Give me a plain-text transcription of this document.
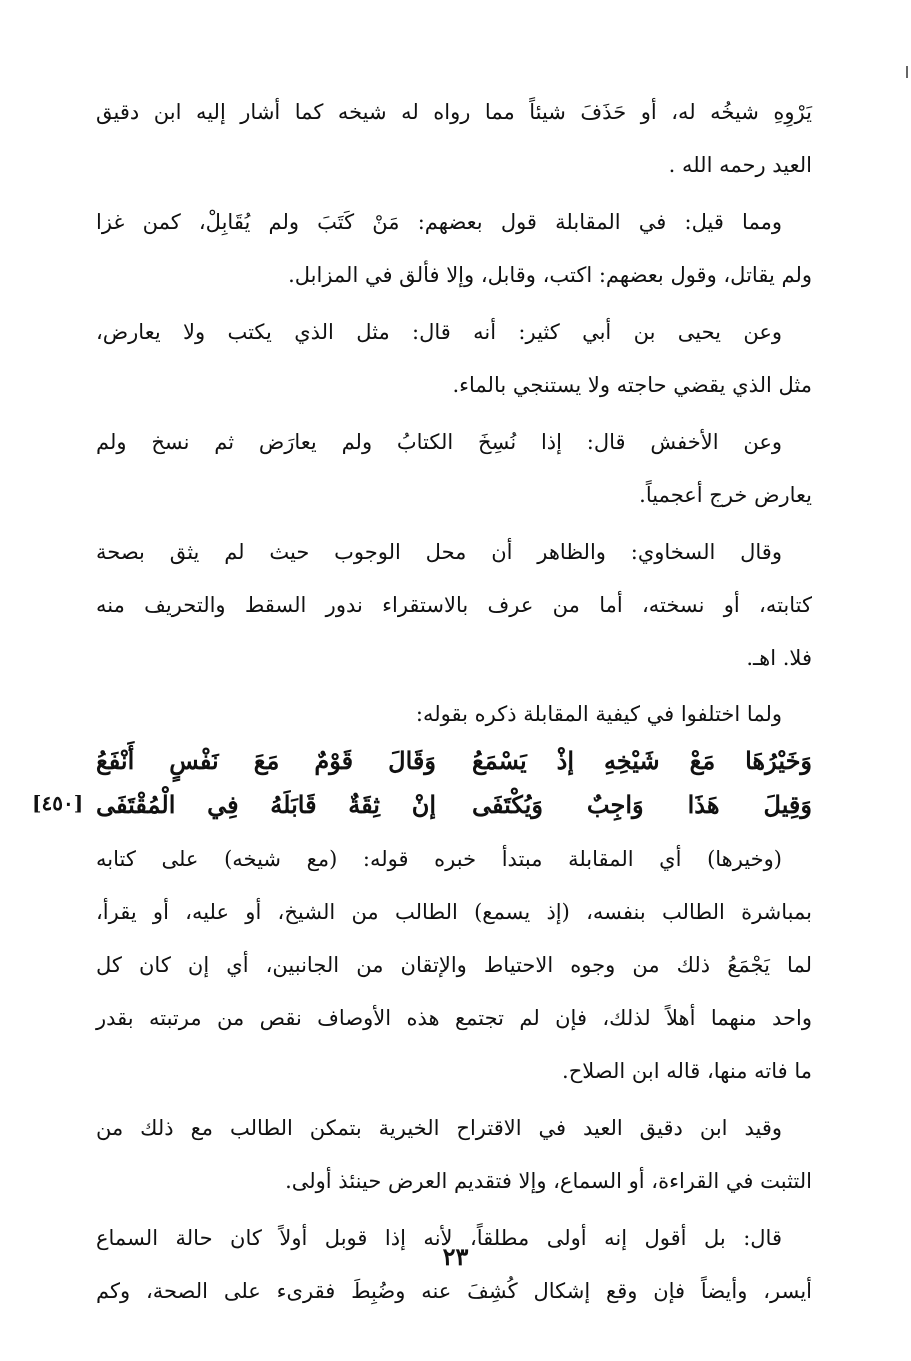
يَرْوِهِ شيخُه له، أو حَذَفَ شيئاً مما رواه له شيخه كما أشار إليه ابن دقيق
العيد رحمه الله .
ومما قيل: في المقابلة قول بعضهم: مَنْ كَتَبَ ولم يُقَابِلْ، كمن غزا
ولم يقاتل، وقول بعضهم: اكتب، وقابل، وإلا فألق في المزابل.
وعن يحيى بن أبي كثير: أنه قال: مثل الذي يكتب ولا يعارض،
مثل الذي يقضي حاجته ولا يستنجي بالماء.
وعن الأخفش قال: إذا نُسِخَ الكتابُ ولم يعارَض ثم نسخ ولم
يعارض خرج أعجمياً.
وقال السخاوي: والظاهر أن محل الوجوب حيث لم يثق بصحة
كتابته، أو نسخته، أما من عرف بالاستقراء ندور السقط والتحريف منه
فلا. اهـ.
ولما اختلفوا في كيفية المقابلة ذكره بقوله:
وَخَيْرُهَا مَعْ شَيْخِهِ إذْ يَسْمَعُ
وَقَالَ قَوْمٌ مَعَ نَفْسٍ أَنْفَعُ
وَقِيلَ هَذَا وَاجِبٌ وَيُكْتَفَى
إنْ ثِقَةٌ قَابَلَهُ فِي الْمُقْتَفَى
[٤٥٠]
(وخيرها) أي المقابلة مبتدأ خبره قوله: (مع شيخه) على كتابه
بمباشرة الطالب بنفسه، (إذ يسمع) الطالب من الشيخ، أو عليه، أو يقرأ،
لما يَجْمَعُ ذلك من وجوه الاحتياط والإتقان من الجانبين، أي إن كان كل
واحد منهما أهلاً لذلك، فإن لم تجتمع هذه الأوصاف نقص من مرتبته بقدر
ما فاته منها، قاله ابن الصلاح.
وقيد ابن دقيق العيد في الاقتراح الخيرية بتمكن الطالب مع ذلك من
التثبت في القراءة، أو السماع، وإلا فتقديم العرض حينئذ أولى.
قال: بل أقول إنه أولى مطلقاً، لأنه إذا قوبل أولاً كان حالة السماع
أيسر، وأيضاً فإن وقع إشكال كُشِفَ عنه وضُبِطَ فقرىء على الصحة، وكم
٢٣
